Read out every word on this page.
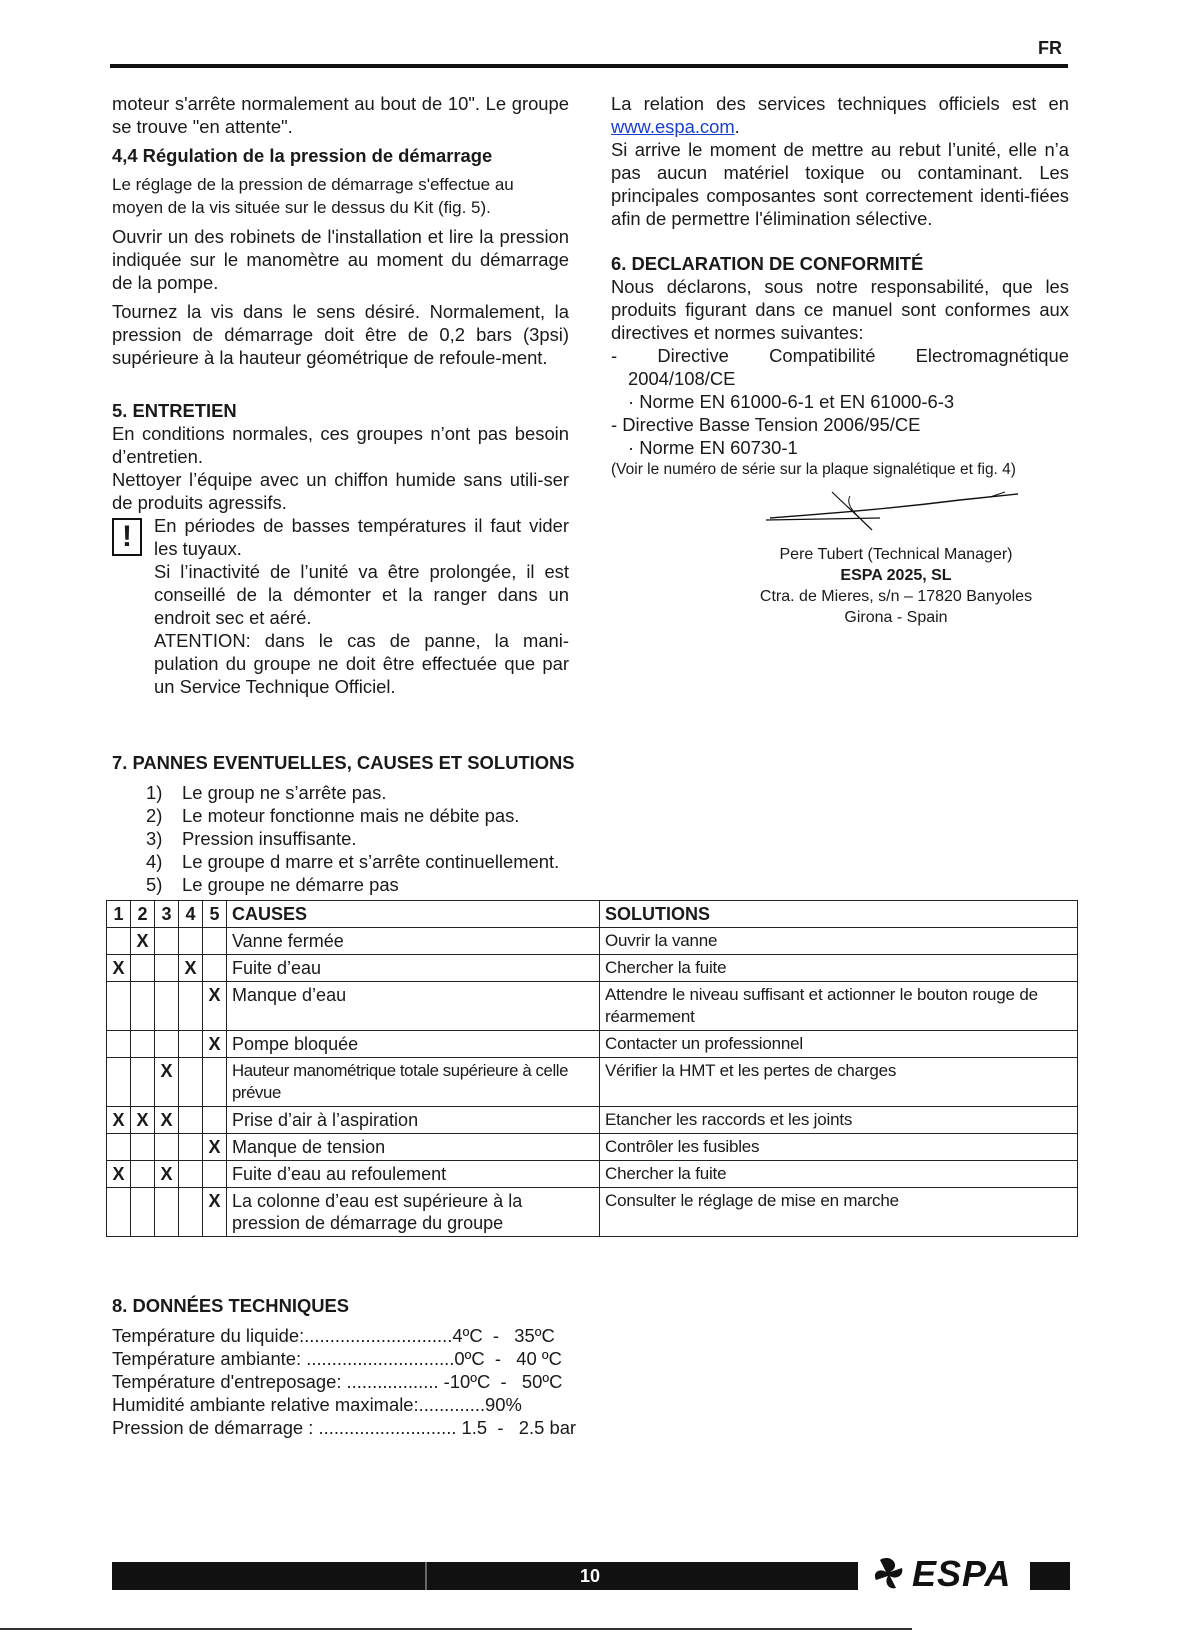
FR

moteur s'arrête normalement au bout de 10". Le groupe se trouve "en attente".

4,4 Régulation de la pression de démarrage

Le réglage de la pression de démarrage s'effectue au moyen de la vis située sur le dessus du Kit (fig. 5).

Ouvrir un des robinets de l'installation et lire la pression indiquée sur le manomètre au moment du démarrage de la pompe.

Tournez la vis dans le sens désiré. Normalement, la pression de démarrage doit être de 0,2 bars (3psi) supérieure à la hauteur géométrique de refoule-ment.

5. ENTRETIEN

En conditions normales, ces groupes n’ont pas besoin d’entretien.

Nettoyer l’équipe avec un chiffon humide sans utili-ser de produits agressifs.

!	En périodes de basses températures il faut vider les tuyaux.

Si l’inactivité de l’unité va être prolongée, il est conseillé de la démonter et la ranger dans un endroit sec et aéré.

ATENTION: dans le cas de panne, la mani-pulation du groupe ne doit être effectuée que par un Service Technique Officiel.

La relation des services techniques officiels est en www.espa.com.

Si arrive le moment de mettre au rebut l’unité, elle n’a pas aucun matériel toxique ou contaminant. Les principales composantes sont correctement identi-fiées afin de permettre l'élimination sélective.

6. DECLARATION DE CONFORMITÉ

Nous déclarons, sous notre responsabilité, que les produits figurant dans ce manuel sont conformes aux directives et normes suivantes:

- Directive Compatibilité Electromagnétique

2004/108/CE

· Norme EN 61000-6-1 et EN 61000-6-3

- Directive Basse Tension 2006/95/CE

· Norme EN 60730-1

(Voir le numéro de série sur la plaque signalétique et fig. 4)

Pere Tubert (Technical Manager)
ESPA 2025, SL
Ctra. de Mieres, s/n – 17820 Banyoles
Girona - Spain
7. PANNES EVENTUELLES, CAUSES ET SOLUTIONS
1)	Le group ne s’arrête pas.
2)	Le moteur fonctionne mais ne débite pas.
3)	Pression insuffisante.
4)	Le groupe d marre et s’arrête continuellement.
5)	Le groupe ne démarre pas
1	2	3	4	5	CAUSES	SOLUTIONS
	X				Vanne fermée	Ouvrir la vanne
X			X		Fuite d’eau	Chercher la fuite
				X	Manque d’eau	Attendre le niveau suffisant et actionner le bouton rouge de réarmement
				X	Pompe bloquée	Contacter un professionnel
		X			Hauteur manométrique totale supérieure à celle prévue	Vérifier la HMT et les pertes de charges
X	X	X			Prise d’air à l’aspiration	Etancher les raccords et les joints
				X	Manque de tension	Contrôler les fusibles
X		X			Fuite d’eau au refoulement	Chercher la fuite
				X	La colonne d’eau est supérieure à la pression de démarrage du groupe	Consulter le réglage de mise en marche
8. DONNÉES TECHNIQUES
Température du liquide:.............................4ºC  -   35ºC
Température ambiante: .............................0ºC  -   40 ºC
Température d'entreposage: .................. -10ºC  -   50ºC
Humidité ambiante relative maximale:.............90%
Pression de démarrage : ........................... 1.5  -   2.5 bar
10	ESPA
